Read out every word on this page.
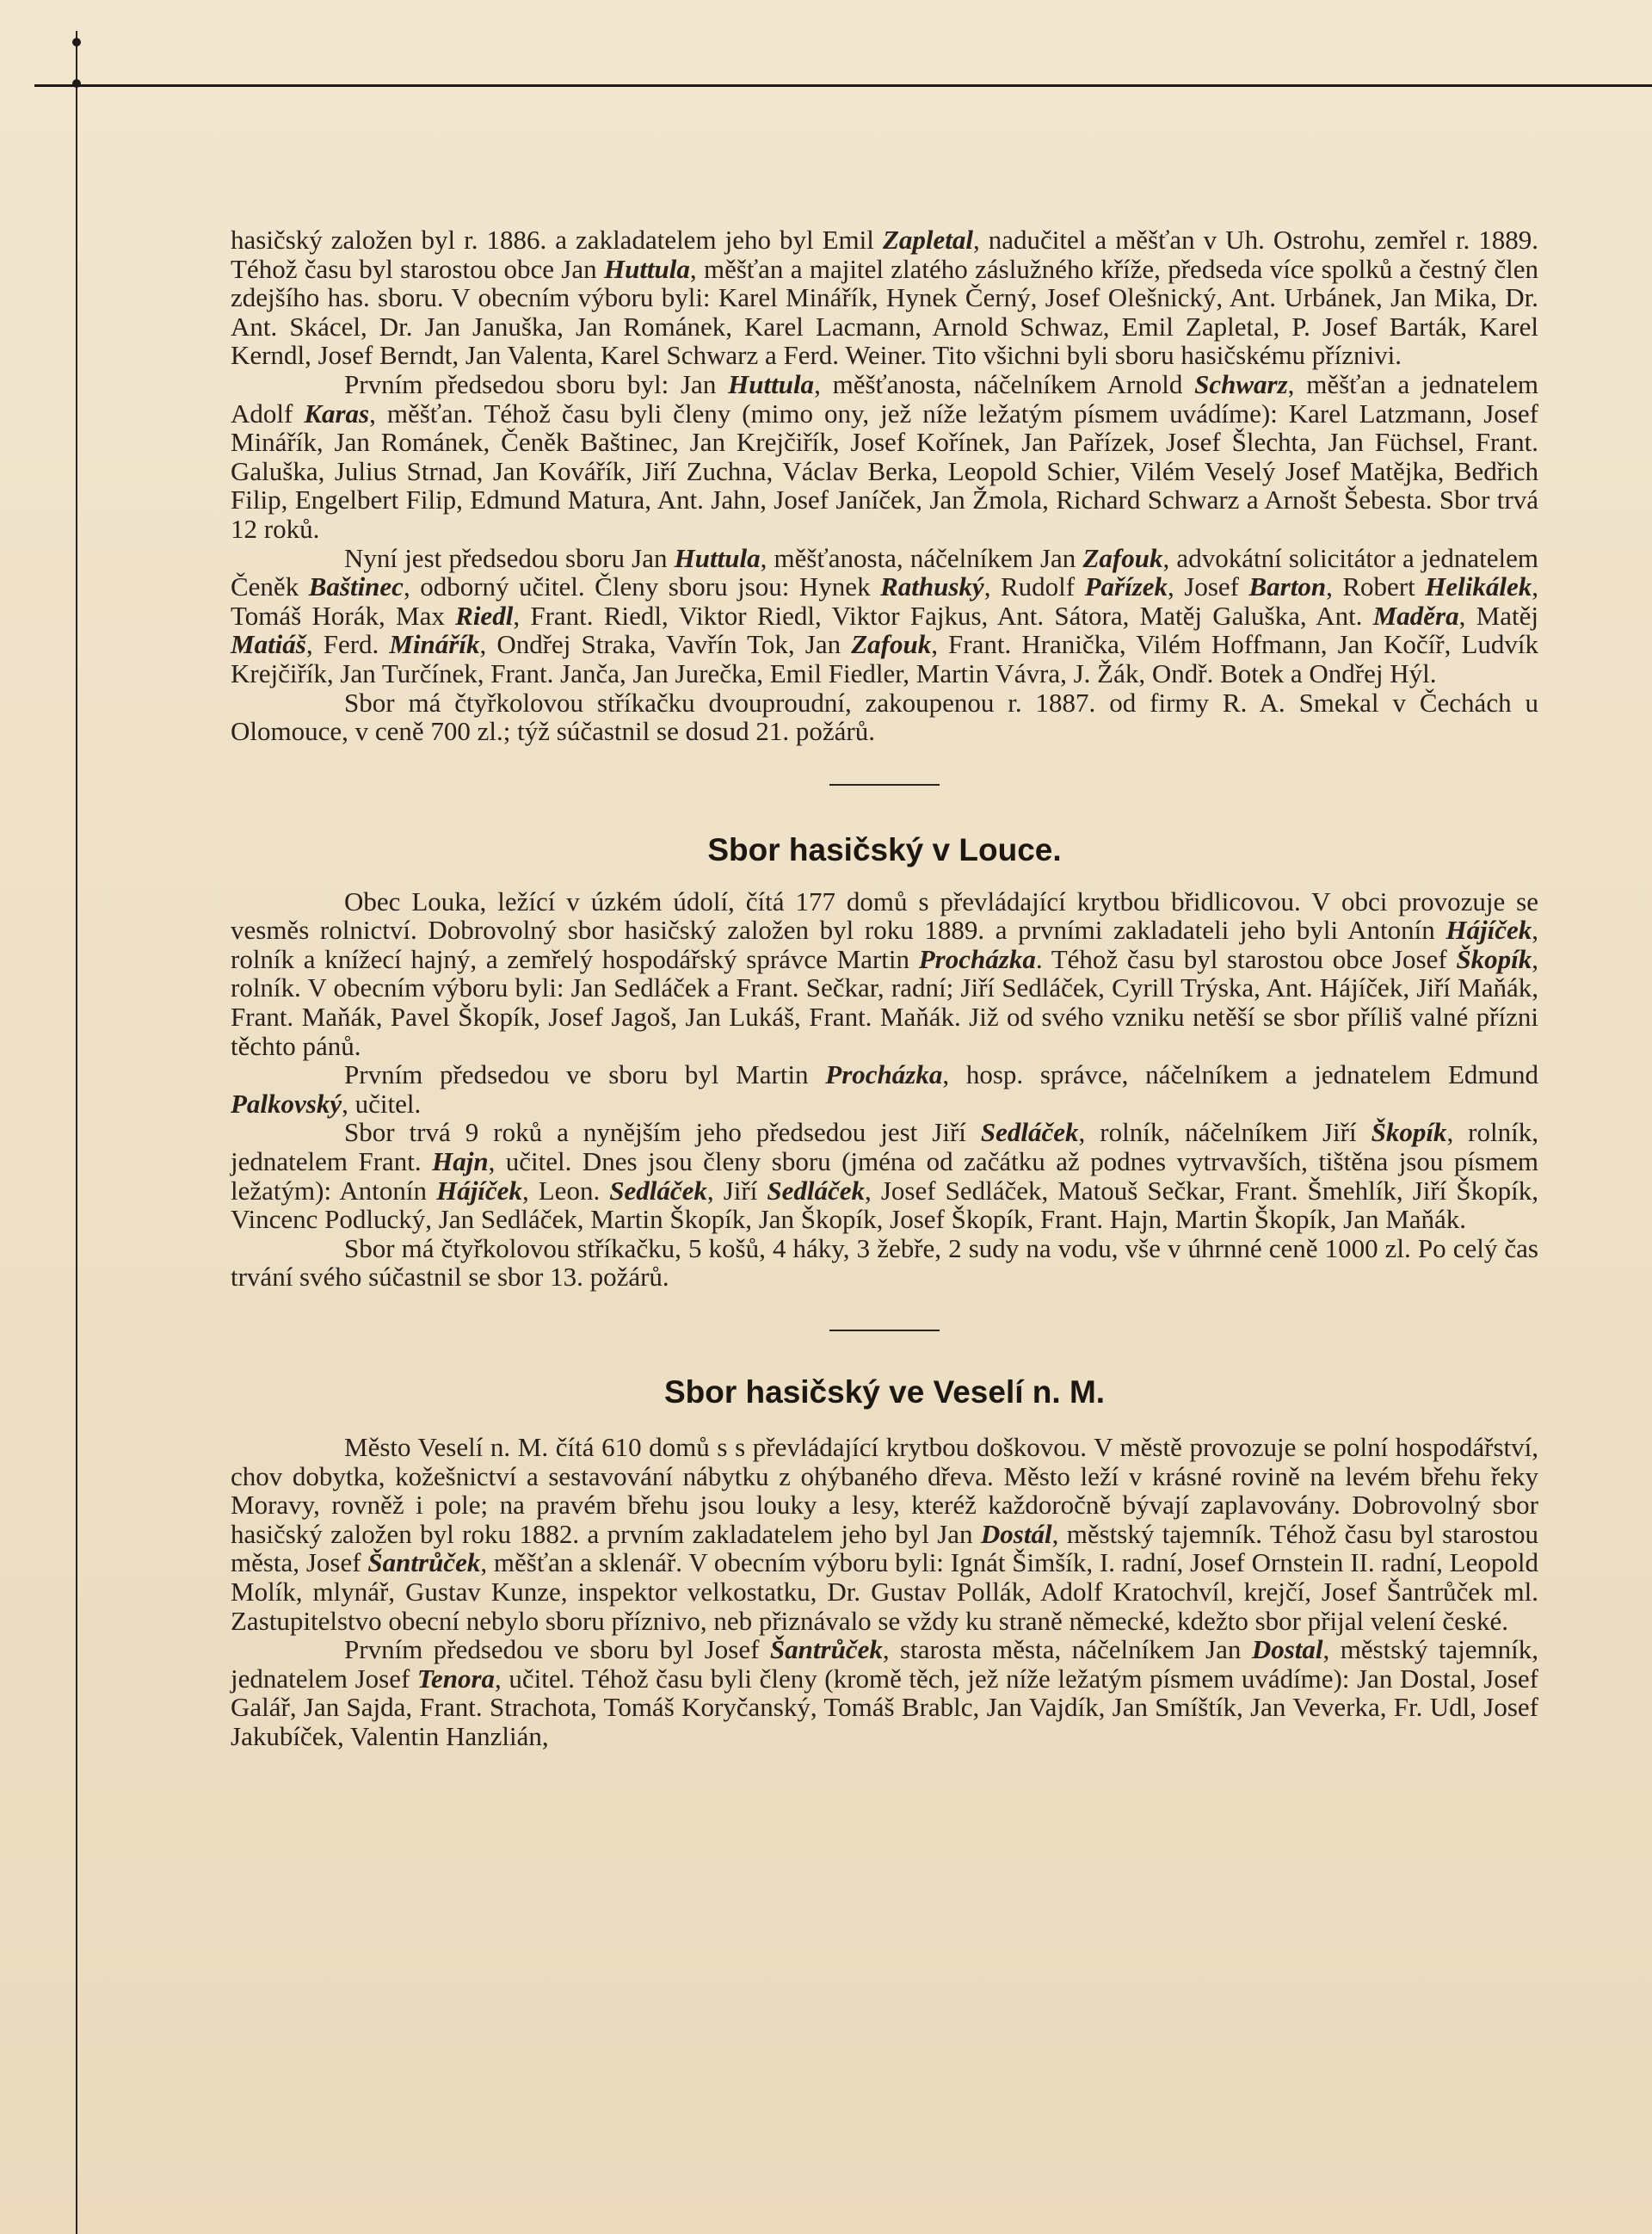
hasičský založen byl r. 1886. a zakladatelem jeho byl Emil Zapletal, nadučitel a měšťan v Uh. Ostrohu, zemřel r. 1889. Téhož času byl starostou obce Jan Huttula, měšťan a majitel zlatého záslužného kříže, předseda více spolků a čestný člen zdejšího has. sboru. V obecním výboru byli: Karel Minářík, Hynek Černý, Josef Olešnický, Ant. Urbánek, Jan Mika, Dr. Ant. Skácel, Dr. Jan Januška, Jan Románek, Karel Lacmann, Arnold Schwaz, Emil Zapletal, P. Josef Barták, Karel Kerndl, Josef Berndt, Jan Valenta, Karel Schwarz a Ferd. Weiner. Tito všichni byli sboru hasičskému příznivi.

Prvním předsedou sboru byl: Jan Huttula, měšťanosta, náčelníkem Arnold Schwarz, měšťan a jednatelem Adolf Karas, měšťan. Téhož času byli členy (mimo ony, jež níže ležatým písmem uvádíme): Karel Latzmann, Josef Minářík, Jan Románek, Čeněk Baštinec, Jan Krejčiřík, Josef Kořínek, Jan Pařízek, Josef Šlechta, Jan Füchsel, Frant. Galuška, Julius Strnad, Jan Kovářík, Jiří Zuchna, Václav Berka, Leopold Schier, Vilém Veselý Josef Matějka, Bedřich Filip, Engelbert Filip, Edmund Matura, Ant. Jahn, Josef Janíček, Jan Žmola, Richard Schwarz a Arnošt Šebesta. Sbor trvá 12 roků.

Nyní jest předsedou sboru Jan Huttula, měšťanosta, náčelníkem Jan Zafouk, advokátní solicitátor a jednatelem Čeněk Baštinec, odborný učitel. Členy sboru jsou: Hynek Rathuský, Rudolf Pařízek, Josef Barton, Robert Helikálek, Tomáš Horák, Max Riedl, Frant. Riedl, Viktor Riedl, Viktor Fajkus, Ant. Sátora, Matěj Galuška, Ant. Maděra, Matěj Matiáš, Ferd. Minářík, Ondřej Straka, Vavřín Tok, Jan Zafouk, Frant. Hranička, Vilém Hoffmann, Jan Kočíř, Ludvík Krejčiřík, Jan Turčínek, Frant. Janča, Jan Jurečka, Emil Fiedler, Martin Vávra, J. Žák, Ondř. Botek a Ondřej Hýl.

Sbor má čtyřkolovou stříkačku dvouproudní, zakoupenou r. 1887. od firmy R. A. Smekal v Čechách u Olomouce, v ceně 700 zl.; týž súčastnil se dosud 21. požárů.

Sbor hasičský v Louce.

Obec Louka, ležící v úzkém údolí, čítá 177 domů s převládající krytbou břidlicovou. V obci provozuje se vesměs rolnictví. Dobrovolný sbor hasičský založen byl roku 1889. a prvními zakladateli jeho byli Antonín Hájíček, rolník a knížecí hajný, a zemřelý hospodářský správce Martin Procházka. Téhož času byl starostou obce Josef Škopík, rolník. V obecním výboru byli: Jan Sedláček a Frant. Sečkar, radní; Jiří Sedláček, Cyrill Trýska, Ant. Hájíček, Jiří Maňák, Frant. Maňák, Pavel Škopík, Josef Jagoš, Jan Lukáš, Frant. Maňák. Již od svého vzniku netěší se sbor příliš valné přízni těchto pánů.

Prvním předsedou ve sboru byl Martin Procházka, hosp. správce, náčelníkem a jednatelem Edmund Palkovský, učitel.

Sbor trvá 9 roků a nynějším jeho předsedou jest Jiří Sedláček, rolník, náčelníkem Jiří Škopík, rolník, jednatelem Frant. Hajn, učitel. Dnes jsou členy sboru (jména od začátku až podnes vytrvavších, tištěna jsou písmem ležatým): Antonín Hájíček, Leon. Sedláček, Jiří Sedláček, Josef Sedláček, Matouš Sečkar, Frant. Šmehlík, Jiří Škopík, Vincenc Podlucký, Jan Sedláček, Martin Škopík, Jan Škopík, Josef Škopík, Frant. Hajn, Martin Škopík, Jan Maňák.

Sbor má čtyřkolovou stříkačku, 5 košů, 4 háky, 3 žebře, 2 sudy na vodu, vše v úhrnné ceně 1000 zl. Po celý čas trvání svého súčastnil se sbor 13. požárů.

Sbor hasičský ve Veselí n. M.

Město Veselí n. M. čítá 610 domů s s převládající krytbou doškovou. V městě provozuje se polní hospodářství, chov dobytka, kožešnictví a sestavování nábytku z ohýbaného dřeva. Město leží v krásné rovině na levém břehu řeky Moravy, rovněž i pole; na pravém břehu jsou louky a lesy, kteréž každoročně bývají zaplavovány. Dobrovolný sbor hasičský založen byl roku 1882. a prvním zakladatelem jeho byl Jan Dostál, městský tajemník. Téhož času byl starostou města, Josef Šantrůček, měšťan a sklenář. V obecním výboru byli: Ignát Šimšík, I. radní, Josef Ornstein II. radní, Leopold Molík, mlynář, Gustav Kunze, inspektor velkostatku, Dr. Gustav Pollák, Adolf Kratochvíl, krejčí, Josef Šantrůček ml. Zastupitelstvo obecní nebylo sboru příznivo, neb přiznávalo se vždy ku straně německé, kdežto sbor přijal velení české.

Prvním předsedou ve sboru byl Josef Šantrůček, starosta města, náčelníkem Jan Dostal, městský tajemník, jednatelem Josef Tenora, učitel. Téhož času byli členy (kromě těch, jež níže ležatým písmem uvádíme): Jan Dostal, Josef Galář, Jan Sajda, Frant. Strachota, Tomáš Koryčanský, Tomáš Brablc, Jan Vajdík, Jan Smíštík, Jan Veverka, Fr. Udl, Josef Jakubíček, Valentin Hanzlián,
